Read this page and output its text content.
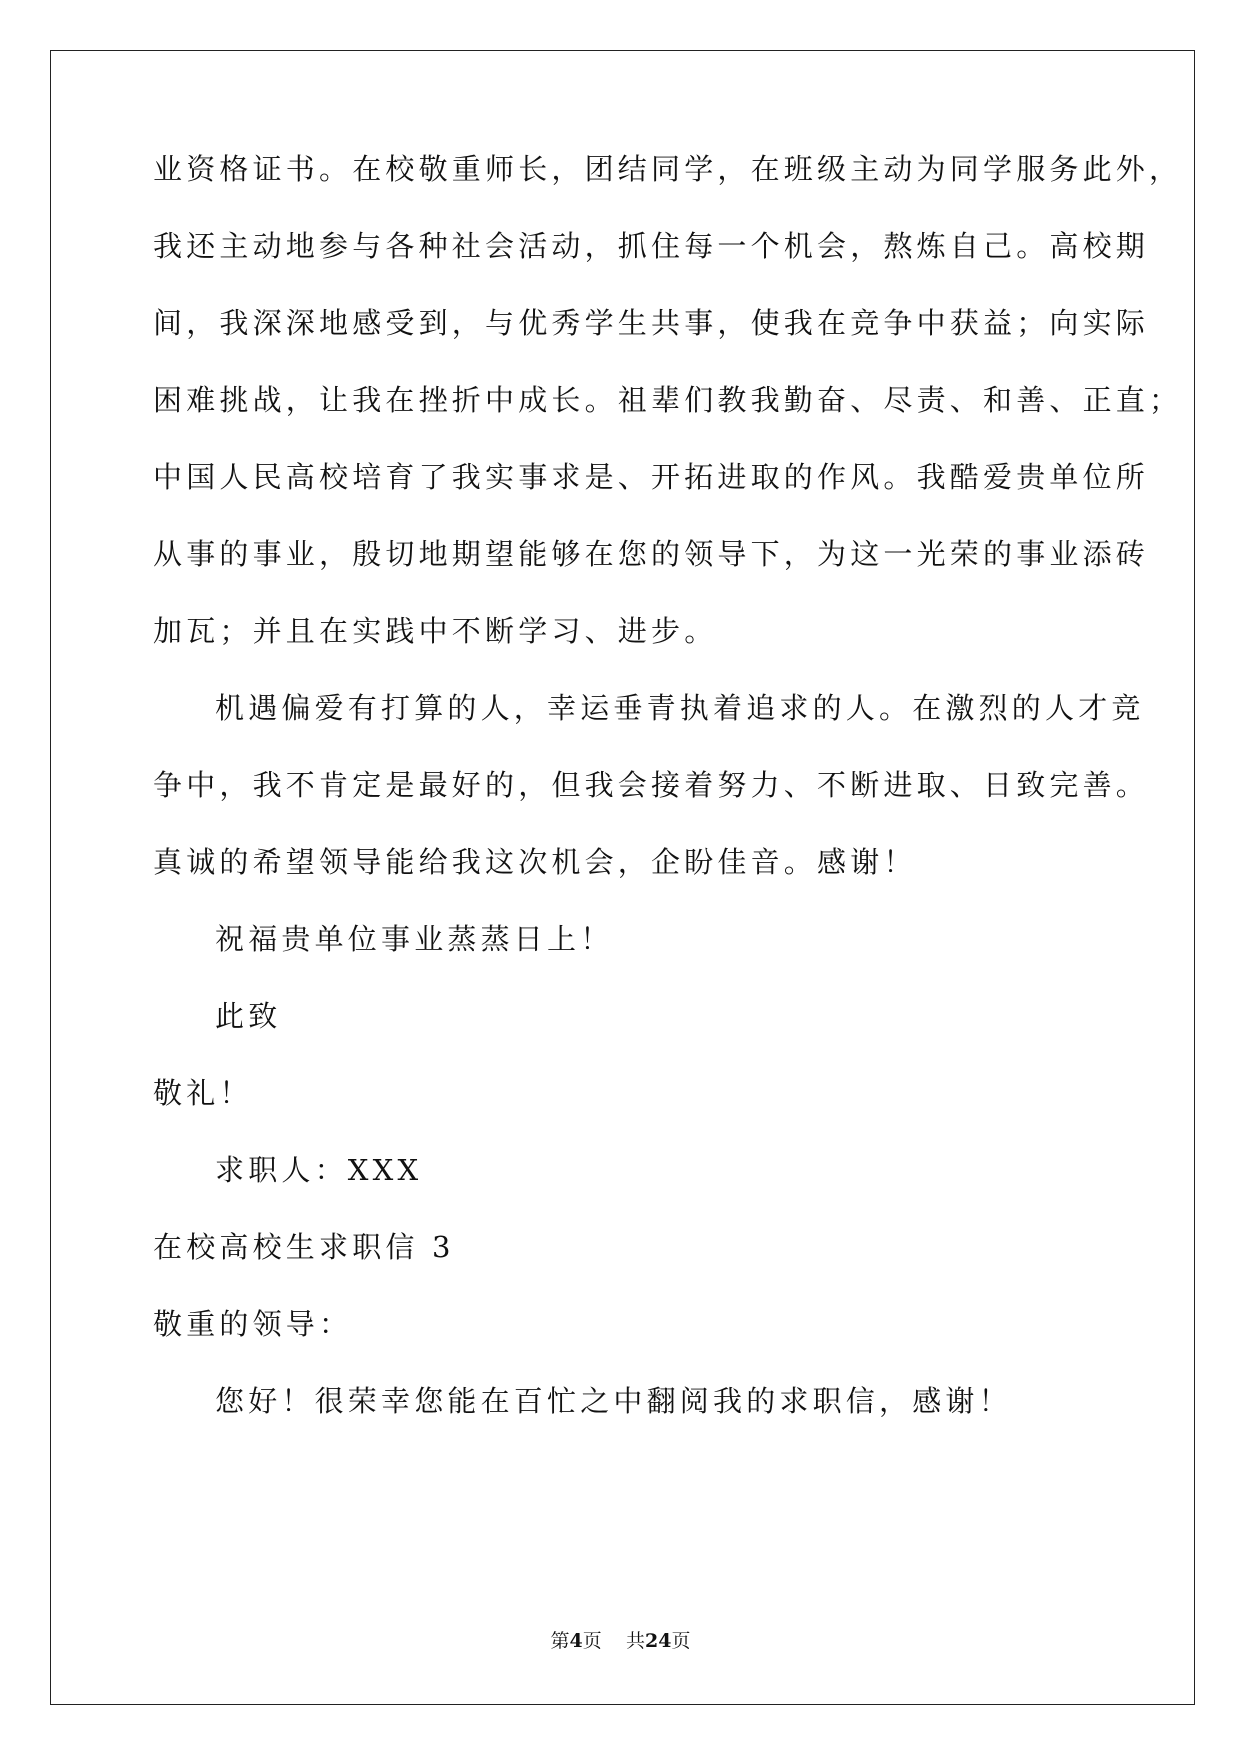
业资格证书。在校敬重师长，团结同学，在班级主动为同学服务此外，
我还主动地参与各种社会活动，抓住每一个机会，熬炼自己。高校期
间，我深深地感受到，与优秀学生共事，使我在竞争中获益；向实际
困难挑战，让我在挫折中成长。祖辈们教我勤奋、尽责、和善、正直；
中国人民高校培育了我实事求是、开拓进取的作风。我酷爱贵单位所
从事的事业，殷切地期望能够在您的领导下，为这一光荣的事业添砖
加瓦；并且在实践中不断学习、进步。
机遇偏爱有打算的人，幸运垂青执着追求的人。在激烈的人才竞
争中，我不肯定是最好的，但我会接着努力、不断进取、日致完善。
真诚的希望领导能给我这次机会，企盼佳音。感谢！
祝福贵单位事业蒸蒸日上！
此致
敬礼！
求职人：XXX
在校高校生求职信 3
敬重的领导：
您好！很荣幸您能在百忙之中翻阅我的求职信，感谢！
第4页 共24页
